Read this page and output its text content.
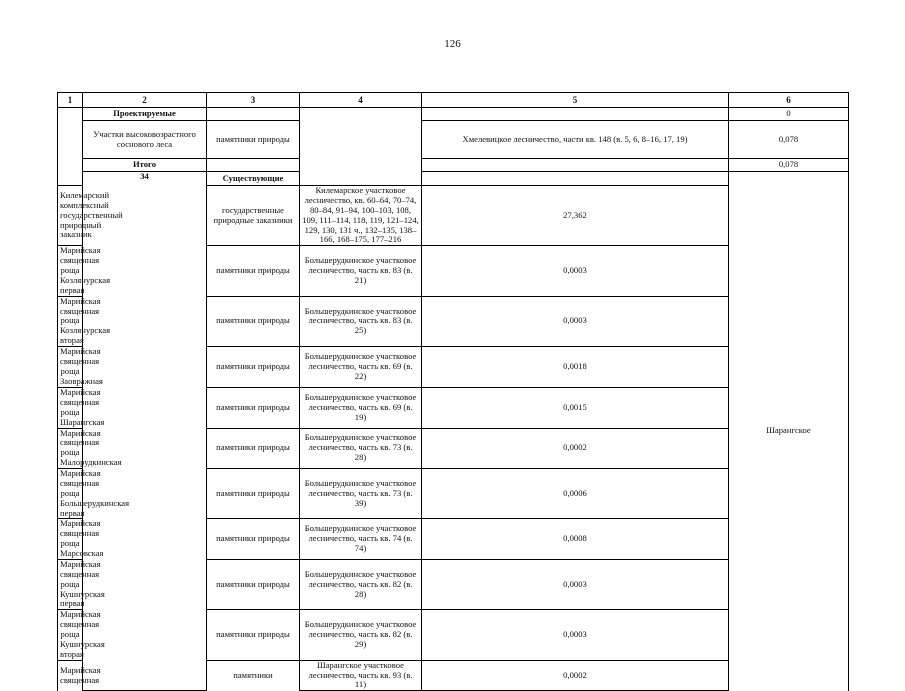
126
1	2	3	4	5	6	
	Проектируемые				0	
	Участки высоковозрастного соснового леса	памятники природы		Хмелевицкое лесничество, части кв. 148 (в. 5, 6, 8–16, 17, 19)	0,078	
	Итого				0,078	
	34	Существующие			Шарангское		
Килемарский комплексный государственный природный заказник		государственные природные заказники	Килемарское участковое лесничество, кв. 60–64, 70–74, 80–84, 91–94, 100–103, 108, 109, 111–114, 118, 119, 121–124, 129, 130, 131 ч., 132–135, 138–166, 168–175, 177–216	27,362		
Марийская священная роща Козлянурская первая		памятники природы	Большерудкинское участковое лесничество, часть кв. 83 (в. 21)	0,0003		
Марийская священная роща Козлянурская вторая		памятники природы	Большерудкинское участковое лесничество, часть кв. 83 (в. 25)	0,0003		
Марийская священная роща Заовражная		памятники природы	Большерудкинское участковое лесничество, часть кв. 69 (в. 22)	0,0018		
Марийская священная роща Шарангская		памятники природы	Большерудкинское участковое лесничество, часть кв. 69 (в. 19)	0,0015		
Марийская священная роща Малорудкинская		памятники природы	Большерудкинское участковое лесничество, часть кв. 73 (в. 28)	0,0002		
Марийская священная роща Большерудкинская первая		памятники природы	Большерудкинское участковое лесничество, часть кв. 73 (в. 39)	0,0006		
Марийская священная роща Марсовская		памятники природы	Большерудкинское участковое лесничество, часть кв. 74 (в. 74)	0,0008		
Марийская священная роща Кушнурская первая		памятники природы	Большерудкинское участковое лесничество, часть кв. 82 (в. 28)	0,0003		
Марийская священная роща Кушнурская вторая		памятники природы	Большерудкинское участковое лесничество, часть кв. 82 (в. 29)	0,0003		
Марийская священная		памятники	Шарангское участковое лесничество, часть кв. 93 (в. 11)	0,0002		
